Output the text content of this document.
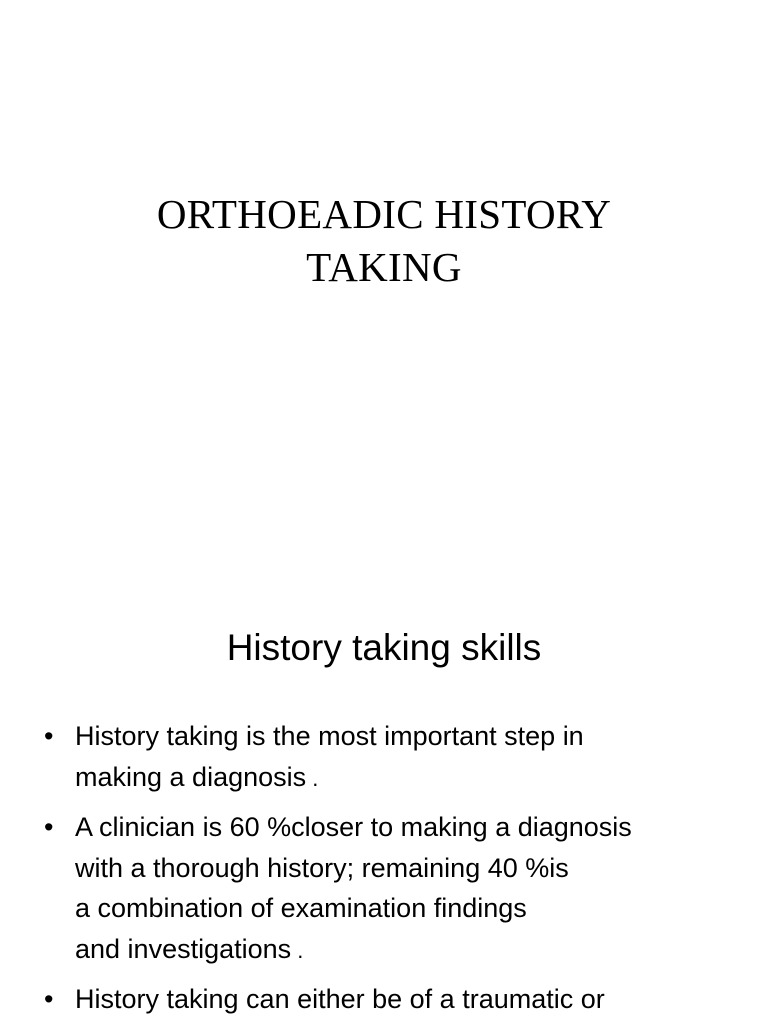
ORTHOEADIC HISTORY
TAKING
History taking skills
• History taking is the most important step in
making a diagnosis .
• A clinician is 60 %closer to making a diagnosis
with a thorough history; remaining 40 %is
a combination of examination findings
and investigations .
• History taking can either be of a traumatic or
